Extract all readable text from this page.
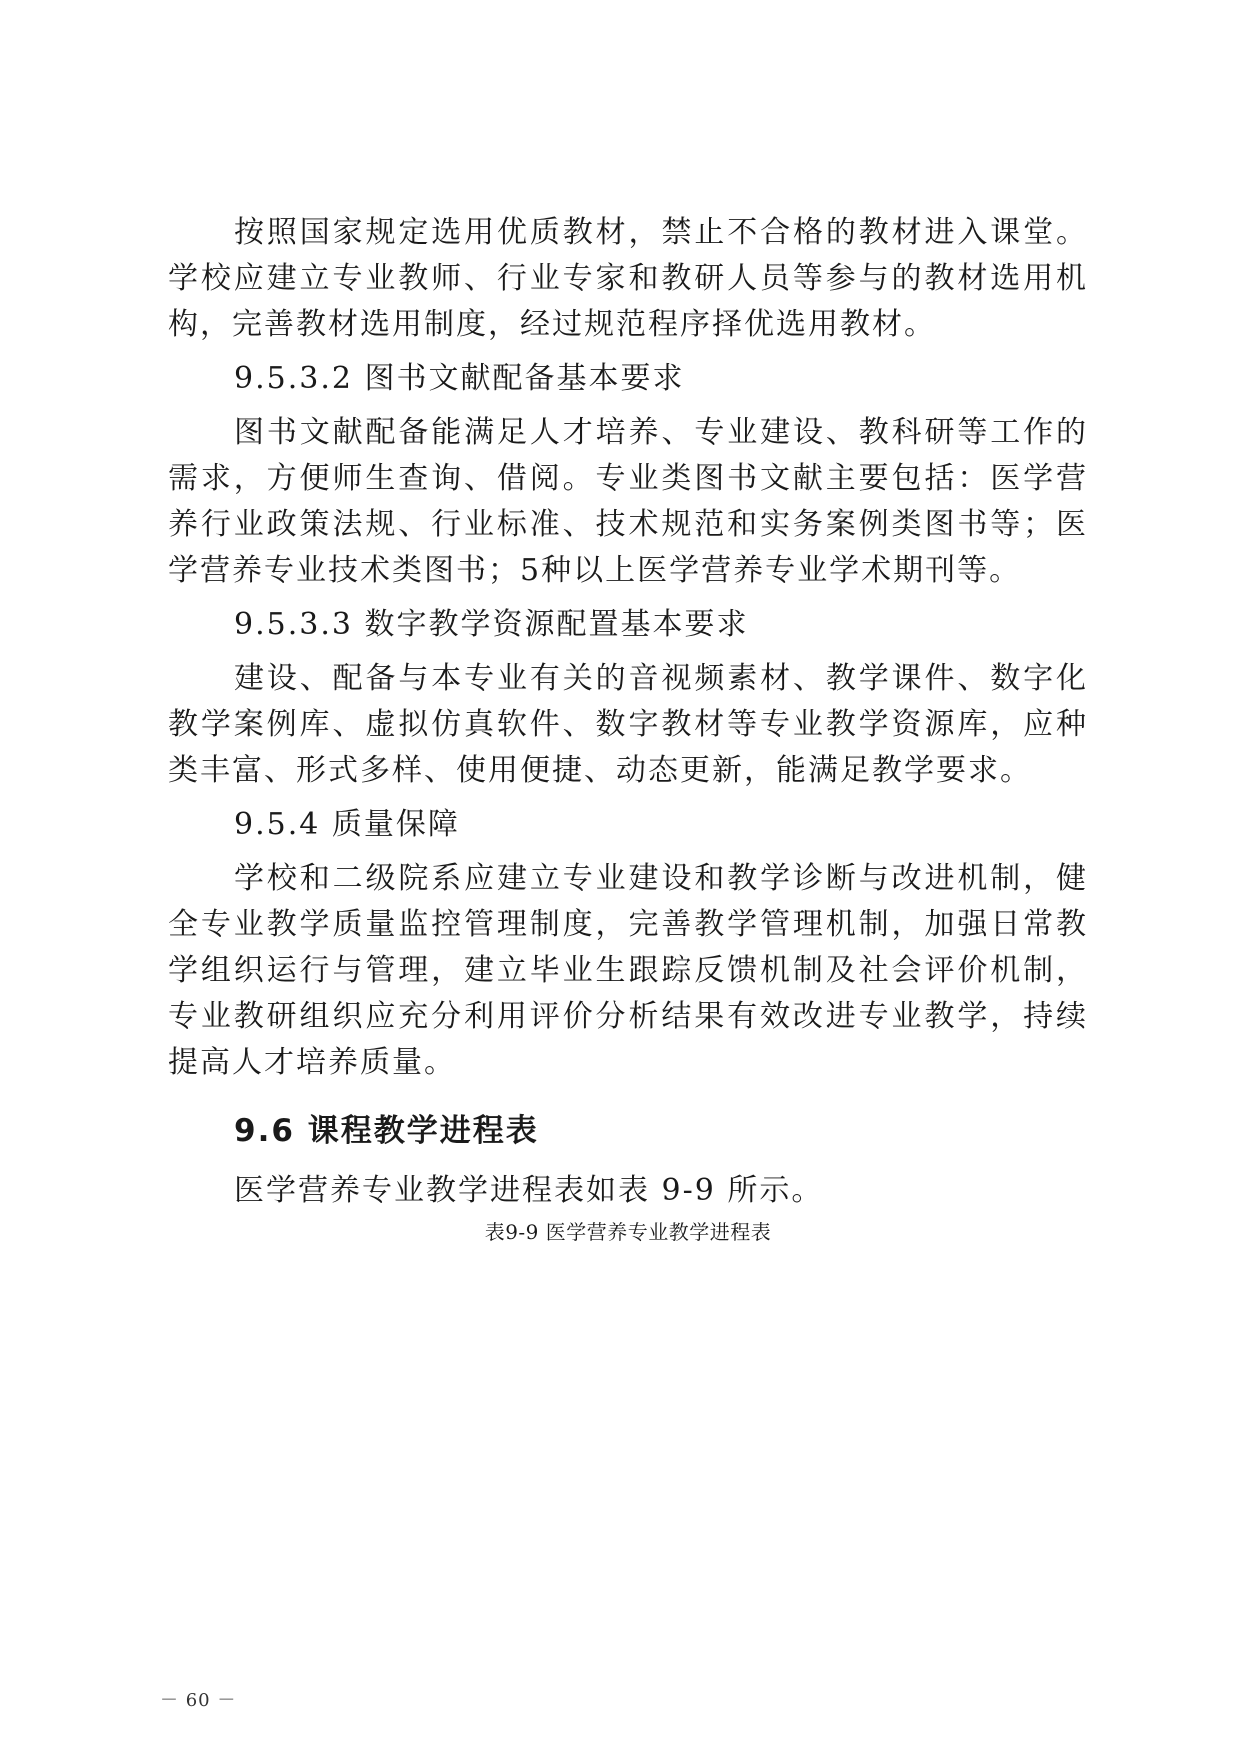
按照国家规定选用优质教材，禁止不合格的教材进入课堂。学校应建立专业教师、行业专家和教研人员等参与的教材选用机构，完善教材选用制度，经过规范程序择优选用教材。

9.5.3.2 图书文献配备基本要求

图书文献配备能满足人才培养、专业建设、教科研等工作的需求，方便师生查询、借阅。专业类图书文献主要包括：医学营养行业政策法规、行业标准、技术规范和实务案例类图书等；医学营养专业技术类图书；5种以上医学营养专业学术期刊等。

9.5.3.3 数字教学资源配置基本要求

建设、配备与本专业有关的音视频素材、教学课件、数字化教学案例库、虚拟仿真软件、数字教材等专业教学资源库，应种类丰富、形式多样、使用便捷、动态更新，能满足教学要求。

9.5.4 质量保障

学校和二级院系应建立专业建设和教学诊断与改进机制，健全专业教学质量监控管理制度，完善教学管理机制，加强日常教学组织运行与管理，建立毕业生跟踪反馈机制及社会评价机制，专业教研组织应充分利用评价分析结果有效改进专业教学，持续提高人才培养质量。

9.6 课程教学进程表

医学营养专业教学进程表如表 9-9 所示。

表9-9 医学营养专业教学进程表

－ 60 －
